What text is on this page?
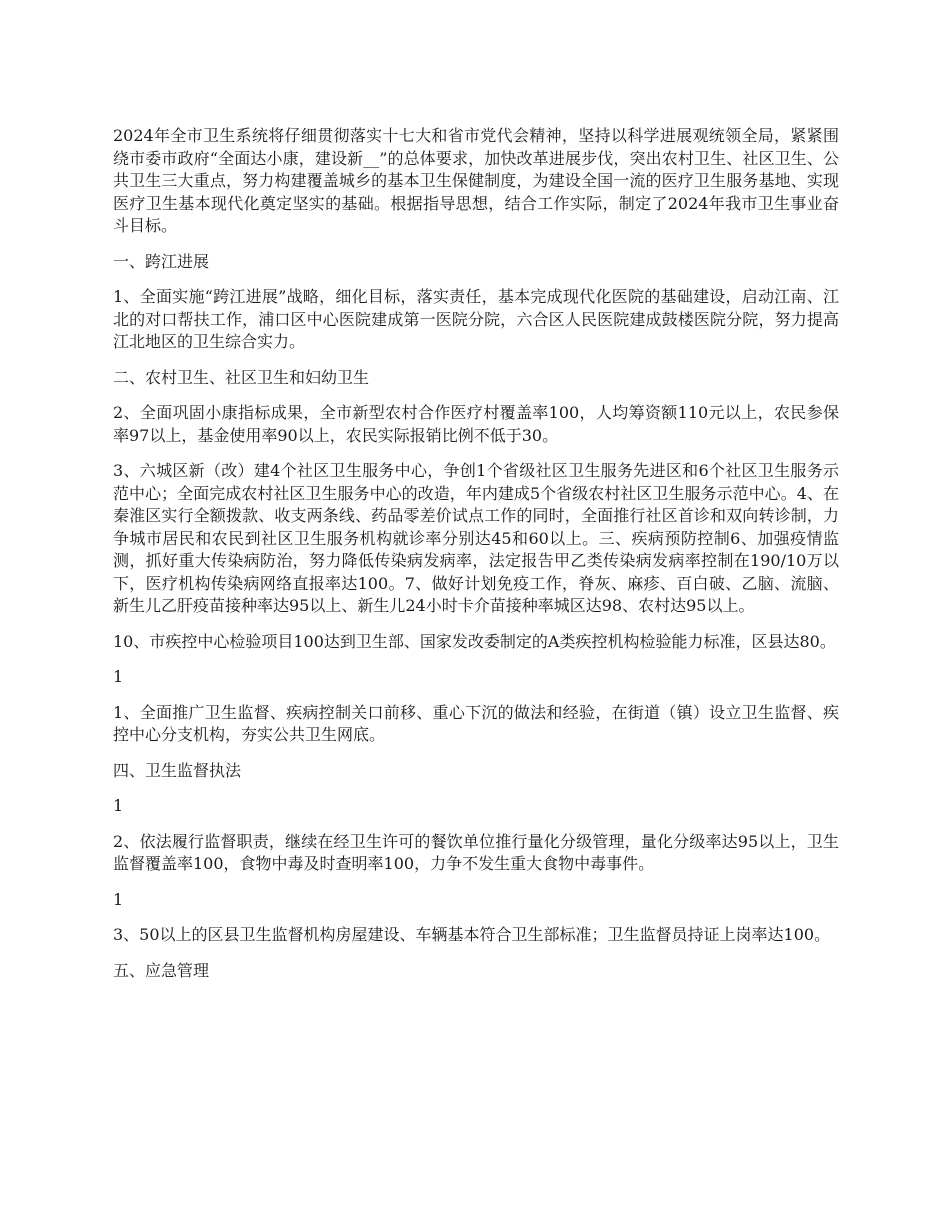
2024年全市卫生系统将仔细贯彻落实十七大和省市党代会精神，坚持以科学进展观统领全局，紧紧围绕市委市政府“全面达小康，建设新__”的总体要求，加快改革进展步伐，突出农村卫生、社区卫生、公共卫生三大重点，努力构建覆盖城乡的基本卫生保健制度，为建设全国一流的医疗卫生服务基地、实现医疗卫生基本现代化奠定坚实的基础。根据指导思想，结合工作实际，制定了2024年我市卫生事业奋斗目标。

一、跨江进展

1、全面实施“跨江进展”战略，细化目标，落实责任，基本完成现代化医院的基础建设，启动江南、江北的对口帮扶工作，浦口区中心医院建成第一医院分院，六合区人民医院建成鼓楼医院分院，努力提高江北地区的卫生综合实力。

二、农村卫生、社区卫生和妇幼卫生

2、全面巩固小康指标成果，全市新型农村合作医疗村覆盖率100，人均筹资额110元以上，农民参保率97以上，基金使用率90以上，农民实际报销比例不低于30。

3、六城区新（改）建4个社区卫生服务中心，争创1个省级社区卫生服务先进区和6个社区卫生服务示范中心；全面完成农村社区卫生服务中心的改造，年内建成5个省级农村社区卫生服务示范中心。4、在秦淮区实行全额拨款、收支两条线、药品零差价试点工作的同时，全面推行社区首诊和双向转诊制，力争城市居民和农民到社区卫生服务机构就诊率分别达45和60以上。三、疾病预防控制6、加强疫情监测，抓好重大传染病防治，努力降低传染病发病率，法定报告甲乙类传染病发病率控制在190/10万以下，医疗机构传染病网络直报率达100。7、做好计划免疫工作，脊灰、麻疹、百白破、乙脑、流脑、新生儿乙肝疫苗接种率达95以上、新生儿24小时卡介苗接种率城区达98、农村达95以上。

10、市疾控中心检验项目100达到卫生部、国家发改委制定的A类疾控机构检验能力标准，区县达80。

1

1、全面推广卫生监督、疾病控制关口前移、重心下沉的做法和经验，在街道（镇）设立卫生监督、疾控中心分支机构，夯实公共卫生网底。

四、卫生监督执法

1

2、依法履行监督职责，继续在经卫生许可的餐饮单位推行量化分级管理，量化分级率达95以上，卫生监督覆盖率100，食物中毒及时查明率100，力争不发生重大食物中毒事件。

1

3、50以上的区县卫生监督机构房屋建设、车辆基本符合卫生部标准；卫生监督员持证上岗率达100。

五、应急管理
